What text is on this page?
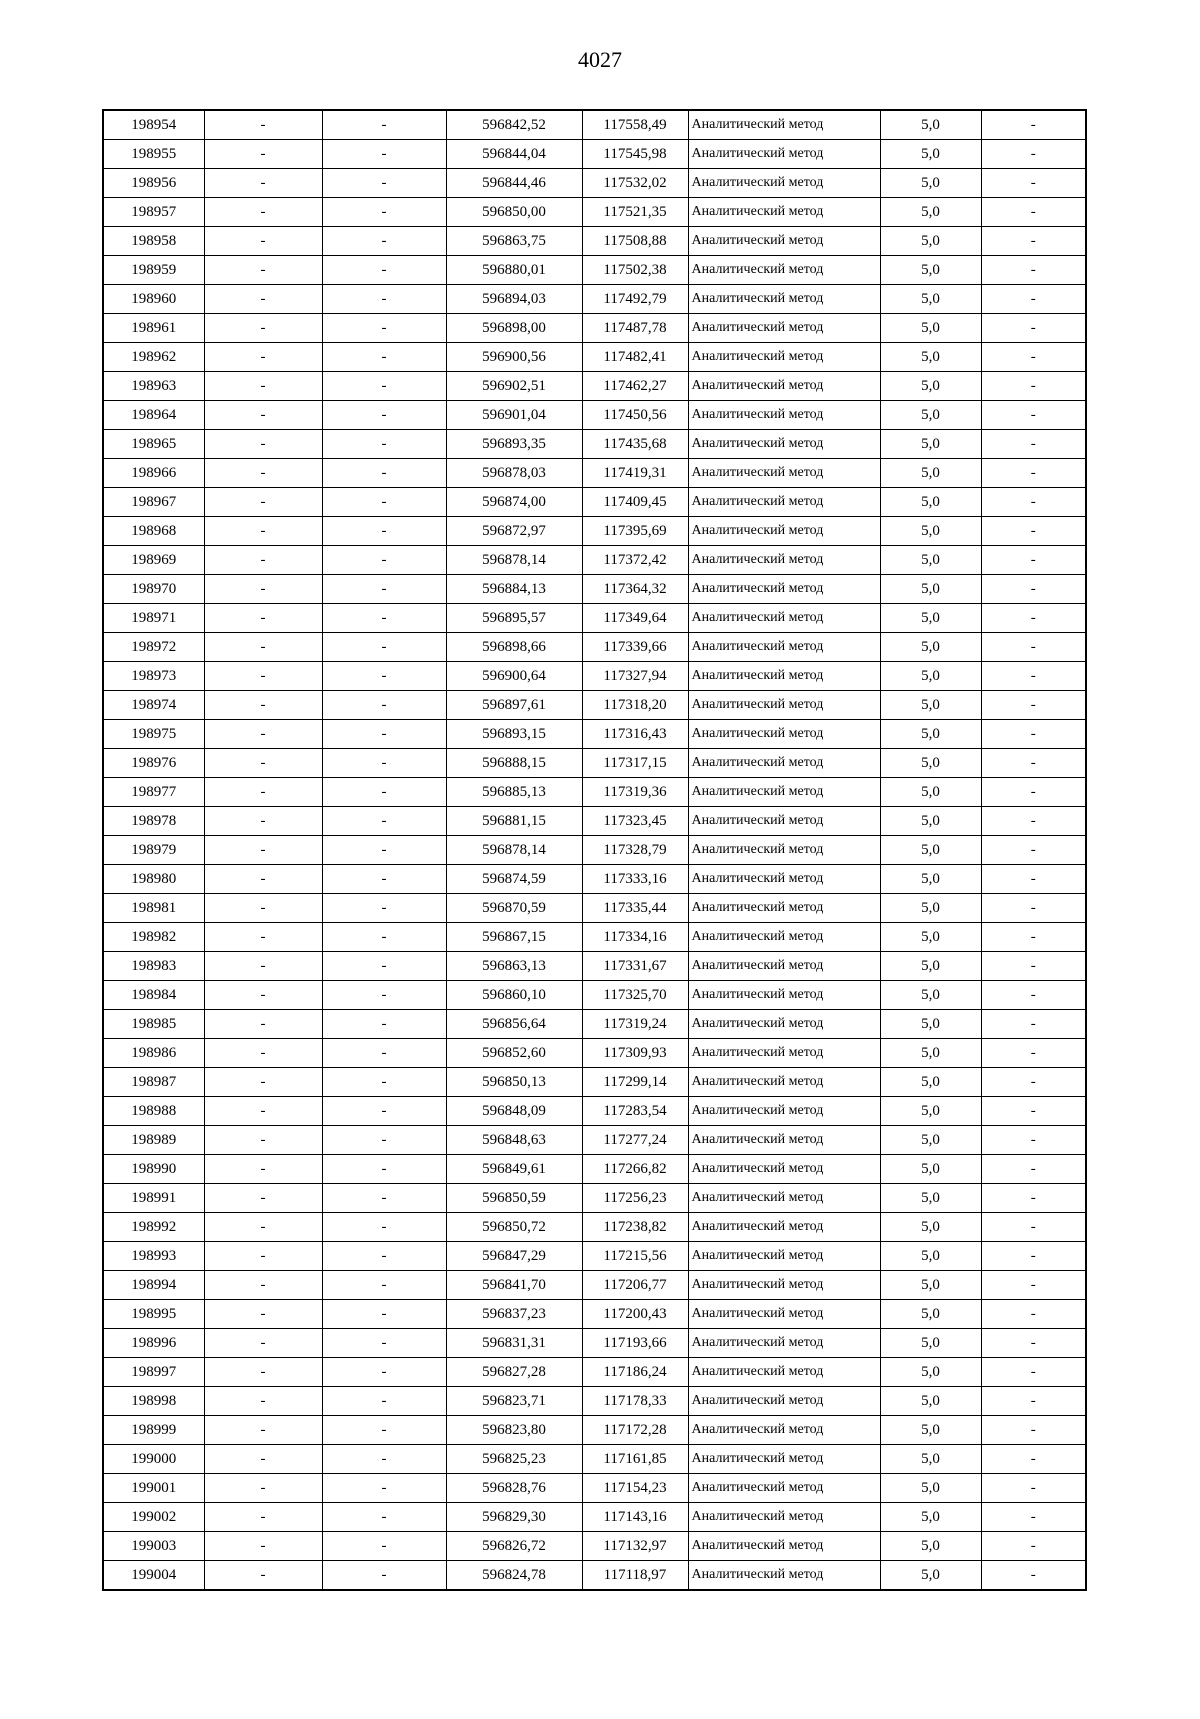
4027
198954	-	-	596842,52	117558,49	Аналитический метод	5,0	-
198955	-	-	596844,04	117545,98	Аналитический метод	5,0	-
198956	-	-	596844,46	117532,02	Аналитический метод	5,0	-
198957	-	-	596850,00	117521,35	Аналитический метод	5,0	-
198958	-	-	596863,75	117508,88	Аналитический метод	5,0	-
198959	-	-	596880,01	117502,38	Аналитический метод	5,0	-
198960	-	-	596894,03	117492,79	Аналитический метод	5,0	-
198961	-	-	596898,00	117487,78	Аналитический метод	5,0	-
198962	-	-	596900,56	117482,41	Аналитический метод	5,0	-
198963	-	-	596902,51	117462,27	Аналитический метод	5,0	-
198964	-	-	596901,04	117450,56	Аналитический метод	5,0	-
198965	-	-	596893,35	117435,68	Аналитический метод	5,0	-
198966	-	-	596878,03	117419,31	Аналитический метод	5,0	-
198967	-	-	596874,00	117409,45	Аналитический метод	5,0	-
198968	-	-	596872,97	117395,69	Аналитический метод	5,0	-
198969	-	-	596878,14	117372,42	Аналитический метод	5,0	-
198970	-	-	596884,13	117364,32	Аналитический метод	5,0	-
198971	-	-	596895,57	117349,64	Аналитический метод	5,0	-
198972	-	-	596898,66	117339,66	Аналитический метод	5,0	-
198973	-	-	596900,64	117327,94	Аналитический метод	5,0	-
198974	-	-	596897,61	117318,20	Аналитический метод	5,0	-
198975	-	-	596893,15	117316,43	Аналитический метод	5,0	-
198976	-	-	596888,15	117317,15	Аналитический метод	5,0	-
198977	-	-	596885,13	117319,36	Аналитический метод	5,0	-
198978	-	-	596881,15	117323,45	Аналитический метод	5,0	-
198979	-	-	596878,14	117328,79	Аналитический метод	5,0	-
198980	-	-	596874,59	117333,16	Аналитический метод	5,0	-
198981	-	-	596870,59	117335,44	Аналитический метод	5,0	-
198982	-	-	596867,15	117334,16	Аналитический метод	5,0	-
198983	-	-	596863,13	117331,67	Аналитический метод	5,0	-
198984	-	-	596860,10	117325,70	Аналитический метод	5,0	-
198985	-	-	596856,64	117319,24	Аналитический метод	5,0	-
198986	-	-	596852,60	117309,93	Аналитический метод	5,0	-
198987	-	-	596850,13	117299,14	Аналитический метод	5,0	-
198988	-	-	596848,09	117283,54	Аналитический метод	5,0	-
198989	-	-	596848,63	117277,24	Аналитический метод	5,0	-
198990	-	-	596849,61	117266,82	Аналитический метод	5,0	-
198991	-	-	596850,59	117256,23	Аналитический метод	5,0	-
198992	-	-	596850,72	117238,82	Аналитический метод	5,0	-
198993	-	-	596847,29	117215,56	Аналитический метод	5,0	-
198994	-	-	596841,70	117206,77	Аналитический метод	5,0	-
198995	-	-	596837,23	117200,43	Аналитический метод	5,0	-
198996	-	-	596831,31	117193,66	Аналитический метод	5,0	-
198997	-	-	596827,28	117186,24	Аналитический метод	5,0	-
198998	-	-	596823,71	117178,33	Аналитический метод	5,0	-
198999	-	-	596823,80	117172,28	Аналитический метод	5,0	-
199000	-	-	596825,23	117161,85	Аналитический метод	5,0	-
199001	-	-	596828,76	117154,23	Аналитический метод	5,0	-
199002	-	-	596829,30	117143,16	Аналитический метод	5,0	-
199003	-	-	596826,72	117132,97	Аналитический метод	5,0	-
199004	-	-	596824,78	117118,97	Аналитический метод	5,0	-
